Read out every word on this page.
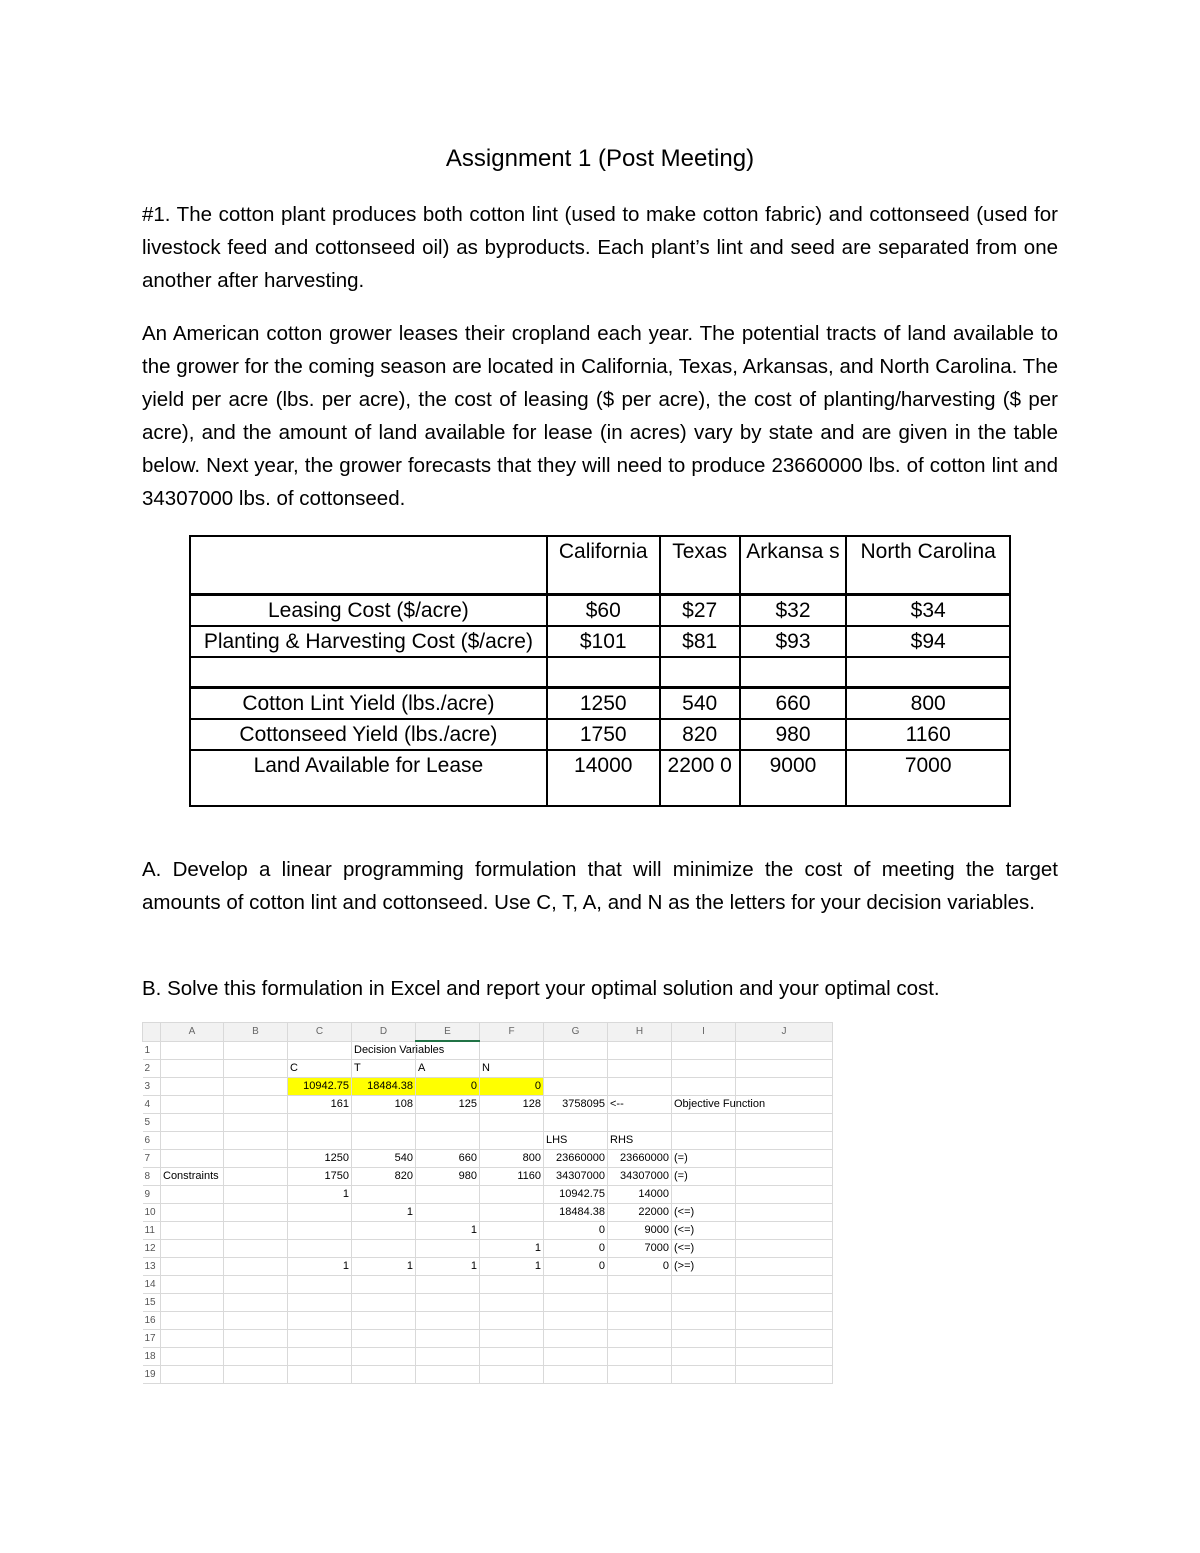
Assignment 1 (Post Meeting)
#1. The cotton plant produces both cotton lint (used to make cotton fabric) and cottonseed (used for livestock feed and cottonseed oil) as byproducts. Each plant’s lint and seed are separated from one another after harvesting.
An American cotton grower leases their cropland each year. The potential tracts of land available to the grower for the coming season are located in California, Texas, Arkansas, and North Carolina. The yield per acre (lbs. per acre), the cost of leasing ($ per acre), the cost of planting/harvesting ($ per acre), and the amount of land available for lease (in acres) vary by state and are given in the table below. Next year, the grower forecasts that they will need to produce 23660000 lbs. of cotton lint and 34307000 lbs. of cottonseed.
	California	Texas	Arkansa s	North Carolina
Leasing Cost ($/acre)	$60	$27	$32	$34
Planting & Harvesting Cost ($/acre)	$101	$81	$93	$94

Cotton Lint Yield (lbs./acre)	1250	540	660	800
Cottonseed Yield (lbs./acre)	1750	820	980	1160
Land Available for Lease	14000	2200 0	9000	7000
A. Develop a linear programming formulation that will minimize the cost of meeting the target amounts of cotton lint and cottonseed. Use C, T, A, and N as the letters for your decision variables.
B. Solve this formulation in Excel and report your optimal solution and your optimal cost.
	A	B	C	D	E	F	G	H	I	J
1				Decision Variables						
2			C	T	A	N				
3			10942.75	18484.38	0	0				
4			161	108	125	128	3758095	<--	Objective Function	
5										
6							LHS	RHS		
7			1250	540	660	800	23660000	23660000	(=)	
8	Constraints		1750	820	980	1160	34307000	34307000	(=)	
9			1				10942.75	14000		
10				1			18484.38	22000	(<=)	
11					1		0	9000	(<=)	
12						1	0	7000	(<=)	
13			1	1	1	1	0	0	(>=)	
14										
15										
16										
17										
18										
19										
